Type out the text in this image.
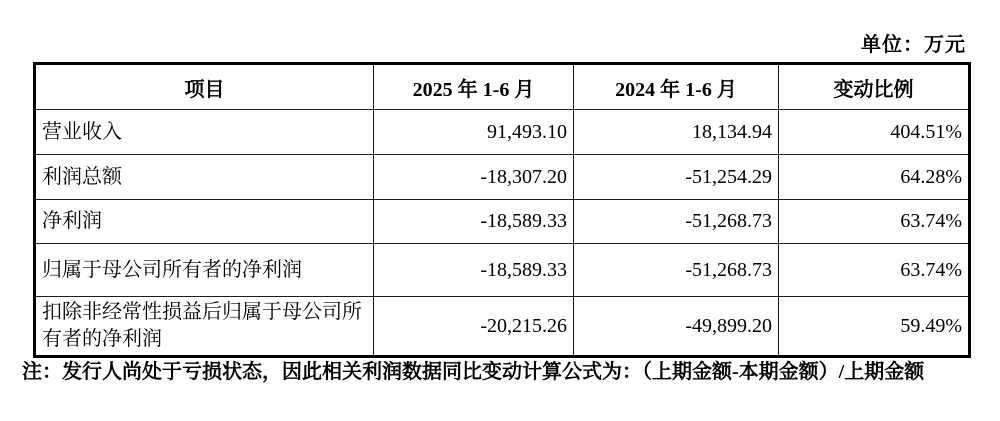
单位：万元
项目	2025 年 1-6 月	2024 年 1-6 月	变动比例
营业收入	91,493.10	18,134.94	404.51%
利润总额	-18,307.20	-51,254.29	64.28%
净利润	-18,589.33	-51,268.73	63.74%
归属于母公司所有者的净利润	-18,589.33	-51,268.73	63.74%
扣除非经常性损益后归属于母公司所有者的净利润	-20,215.26	-49,899.20	59.49%
注：发行人尚处于亏损状态，因此相关利润数据同比变动计算公式为：（上期金额-本期金额）/上期金额
